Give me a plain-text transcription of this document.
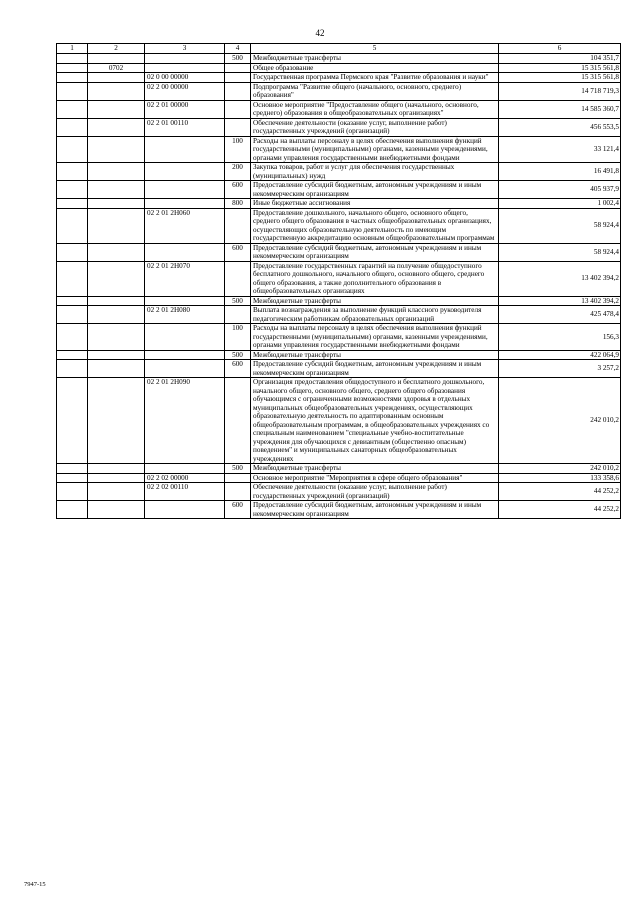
42
1	2	3	4	5	6
			500	Межбюджетные трансферты	104 351,7
	0702			Общее образование	15 315 561,8
		02 0 00 00000		Государственная программа Пермского края "Развитие образования и науки"	15 315 561,8
		02 2 00 00000		Подпрограмма "Развитие общего (начального, основного, среднего) образования"	14 718 719,3
		02 2 01 00000		Основное мероприятие "Предоставление общего (начального, основного, среднего) образования в общеобразовательных организациях"	14 585 360,7
		02 2 01 00110		Обеспечение деятельности (оказание услуг, выполнение работ) государственных учреждений (организаций)	456 553,5
			100	Расходы на выплаты персоналу в целях обеспечения выполнения функций государственными (муниципальными) органами, казенными учреждениями, органами управления государственными внебюджетными фондами	33 121,4
			200	Закупка товаров, работ и услуг для обеспечения государственных (муниципальных) нужд	16 491,8
			600	Предоставление субсидий бюджетным, автономным учреждениям и иным некоммерческим организациям	405 937,9
			800	Иные бюджетные ассигнования	1 002,4
		02 2 01 2Н060		Предоставление дошкольного, начального общего, основного общего, среднего общего образования в частных общеобразовательных организациях, осуществляющих образовательную деятельность по имеющим государственную аккредитацию основным общеобразовательным программам	58 924,4
			600	Предоставление субсидий бюджетным, автономным учреждениям и иным некоммерческим организациям	58 924,4
		02 2 01 2Н070		Предоставление государственных гарантий на получение общедоступного бесплатного дошкольного, начального общего, основного общего, среднего общего образования, а также дополнительного образования в общеобразовательных организациях	13 402 394,2
			500	Межбюджетные трансферты	13 402 394,2
		02 2 01 2Н080		Выплата вознаграждения за выполнение функций классного руководителя педагогическим работникам образовательных организаций	425 478,4
			100	Расходы на выплаты персоналу в целях обеспечения выполнения функций государственными (муниципальными) органами, казенными учреждениями, органами управления государственными внебюджетными фондами	156,3
			500	Межбюджетные трансферты	422 064,9
			600	Предоставление субсидий бюджетным, автономным учреждениям и иным некоммерческим организациям	3 257,2
		02 2 01 2Н090		Организация предоставления общедоступного и бесплатного дошкольного, начального общего, основного общего, среднего общего образования обучающимся с ограниченными возможностями здоровья в отдельных муниципальных общеобразовательных учреждениях, осуществляющих образовательную деятельность по адаптированным основным общеобразовательным программам, в общеобразовательных учреждениях со специальным наименованием "специальные учебно-воспитательные учреждения для обучающихся с девиантным (общественно опасным) поведением" и муниципальных санаторных общеобразовательных учреждениях	242 010,2
			500	Межбюджетные трансферты	242 010,2
		02 2 02 00000		Основное мероприятие "Мероприятия в сфере общего образования"	133 358,6
		02 2 02 00110		Обеспечение деятельности (оказание услуг, выполнение работ) государственных учреждений (организаций)	44 252,2
			600	Предоставление субсидий бюджетным, автономным учреждениям и иным некоммерческим организациям	44 252,2
7947-15
